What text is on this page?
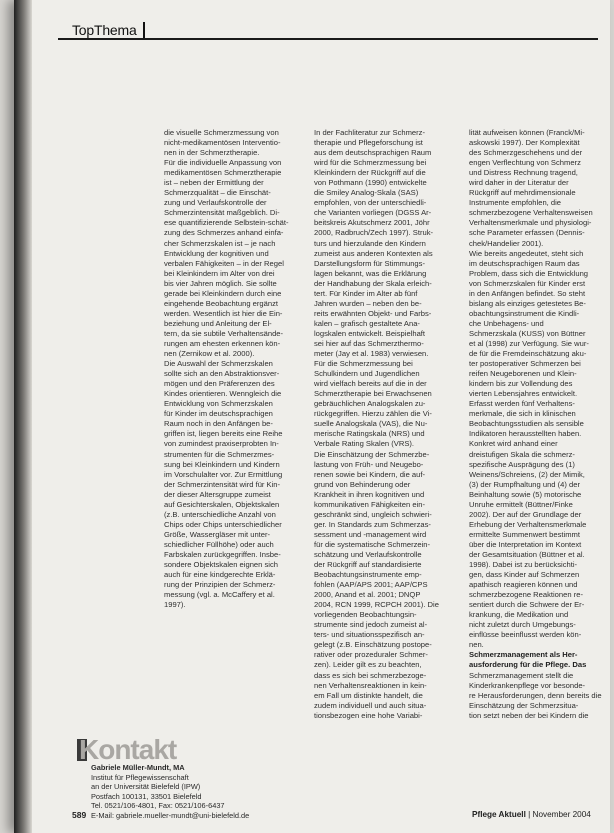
TopThema

die visuelle Schmerzmessung von

nicht-medikamentösen Interventio-

nen in der Schmerztherapie.

Für die individuelle Anpassung von

medikamentösen Schmerztherapie

ist – neben der Ermittlung der

Schmerzqualität – die Einschät-

zung und Verlaufskontrolle der

Schmerzintensität maßgeblich. Di-

ese quantifizierende Selbstein-schät-

zung des Schmerzes anhand einfa-

cher Schmerzskalen ist – je nach

Entwicklung der kognitiven und

verbalen Fähigkeiten – in der Regel

bei Kleinkindern im Alter von drei

bis vier Jahren möglich. Sie sollte

gerade bei Kleinkindern durch eine

eingehende Beobachtung ergänzt

werden. Wesentlich ist hier die Ein-

beziehung und Anleitung der El-

tern, da sie subtile Verhaltensände-

rungen am ehesten erkennen kön-

nen (Zernikow et al. 2000).

Die Auswahl der Schmerzskalen

sollte sich an den Abstraktionsver-

mögen und den Präferenzen des

Kindes orientieren. Wenngleich die

Entwicklung von Schmerzskalen

für Kinder im deutschsprachigen

Raum noch in den Anfängen be-

griffen ist, liegen bereits eine Reihe

von zumindest praxiserprobten In-

strumenten für die Schmerzmes-

sung bei Kleinkindern und Kindern

im Vorschulalter vor. Zur Ermittlung

der Schmerzintensität wird für Kin-

der dieser Altersgruppe zumeist

auf Gesichterskalen, Objektskalen

(z.B. unterschiedliche Anzahl von

Chips oder Chips unterschiedlicher

Größe, Wassergläser mit unter-

schiedlicher Füllhöhe) oder auch

Farbskalen zurückgegriffen. Insbe-

sondere Objektskalen eignen sich

auch für eine kindgerechte Erklä-

rung der Prinzipien der Schmerz-

messung (vgl. a. McCaffery et al.

1997).

In der Fachliteratur zur Schmerz-

therapie und Pflegeforschung ist

aus dem deutschsprachigen Raum

wird für die Schmerzmessung bei

Kleinkindern der Rückgriff auf die

von Pothmann (1990) entwickelte

die Smiley Analog-Skala (SAS)

empfohlen, von der unterschiedli-

che Varianten vorliegen (DGSS Ar-

beitskreis Akutschmerz 2001, Jöhr

2000, Radbruch/Zech 1997). Struk-

turs und hierzulande den Kindern

zumeist aus anderen Kontexten als

Darstellungsform für Stimmungs-

lagen bekannt, was die Erklärung

der Handhabung der Skala erleich-

tert. Für Kinder im Alter ab fünf

Jahren wurden – neben den be-

reits erwähnten Objekt- und Farbs-

kalen – grafisch gestaltete Ana-

logskalen entwickelt. Beispielhaft

sei hier auf das Schmerzthermo-

meter (Jay et al. 1983) verwiesen.

Für die Schmerzmessung bei

Schulkindern und Jugendlichen

wird vielfach bereits auf die in der

Schmerztherapie bei Erwachsenen

gebräuchlichen Analogskalen zu-

rückgegriffen. Hierzu zählen die Vi-

suelle Analogskala (VAS), die Nu-

merische Ratingskala (NRS) und

Verbale Rating Skalen (VRS).

Die Einschätzung der Schmerzbe-

lastung von Früh- und Neugebo-

renen sowie bei Kindern, die auf-

grund von Behinderung oder

Krankheit in ihren kognitiven und

kommunikativen Fähigkeiten ein-

geschränkt sind, ungleich schwieri-

ger. In Standards zum Schmerzas-

sessment und -management wird

für die systematische Schmerzein-

schätzung und Verlaufskontrolle

der Rückgriff auf standardisierte

Beobachtungsinstrumente emp-

fohlen (AAP/APS 2001; AAP/CPS

2000, Anand et al. 2001; DNQP

2004, RCN 1999, RCPCH 2001). Die

vorliegenden Beobachtungsin-

strumente sind jedoch zumeist al-

ters- und situationsspezifisch an-

gelegt (z.B. Einschätzung postope-

rativer oder prozeduraler Schmer-

zen). Leider gilt es zu beachten,

dass es sich bei schmerzbezoge-

nen Verhaltensreaktionen in kein-

em Fall um distinkte handelt, die

zudem individuell und auch situa-

tionsbezogen eine hohe Variabi-

lität aufweisen können (Franck/Mi-

askowski 1997). Der Komplexität

des Schmerzgeschehens und der

engen Verflechtung von Schmerz

und Distress Rechnung tragend,

wird daher in der Literatur der

Rückgriff auf mehrdimensionale

Instrumente empfohlen, die

schmerzbezogene Verhaltensweisen

Verhaltensmerkmale und physiologi-

sche Parameter erfassen (Dennis-

chek/Handelier 2001).

Wie bereits angedeutet, steht sich

im deutschsprachigen Raum das

Problem, dass sich die Entwicklung

von Schmerzskalen für Kinder erst

in den Anfängen befindet. So steht

bislang als einziges getestetes Be-

obachtungsinstrument die Kindli-

che Unbehagens- und

Schmerzskala (KUSS) von Büttner

et al (1998) zur Verfügung. Sie wur-

de für die Fremdeinschätzung aku-

ter postoperativer Schmerzen bei

reifen Neugeborenen und Klein-

kindern bis zur Vollendung des

vierten Lebensjahres entwickelt.

Erfasst werden fünf Verhaltens-

merkmale, die sich in klinischen

Beobachtungsstudien als sensible

Indikatoren herausstellten haben.

Konkret wird anhand einer

dreistufigen Skala die schmerz-

spezifische Ausprägung des (1)

Weinens/Schreiens, (2) der Mimik,

(3) der Rumpfhaltung und (4) der

Beinhaltung sowie (5) motorische

Unruhe ermittelt (Büttner/Finke

2002). Der auf der Grundlage der

Erhebung der Verhaltensmerkmale

ermittelte Summenwert bestimmt

über die Interpretation im Kontext

der Gesamtsituation (Büttner et al.

1998). Dabei ist zu berücksichti-

gen, dass Kinder auf Schmerzen

apathisch reagieren können und

schmerzbezogene Reaktionen re-

sentiert durch die Schwere der Er-

krankung, die Medikation und

nicht zuletzt durch Umgebungs-

einflüsse beeinflusst werden kön-

nen.

Schmerzmanagement als Her-

ausforderung für die Pflege. Das

Schmerzmanagement stellt die

Kinderkrankenpflege vor besonde-

re Herausforderungen, denn bereits die

Einschätzung der Schmerzsitua-

tion setzt neben der bei Kindern die

Kontakt
Gabriele Müller-Mundt, MA
Institut für Pflegewissenschaft
an der Universität Bielefeld (IPW)
Postfach 100131, 33501 Bielefeld
Tel. 0521/106-4801, Fax: 0521/106-6437
E-Mail: gabriele.mueller-mundt@uni-bielefeld.de
589	Pflege Aktuell | November 2004
